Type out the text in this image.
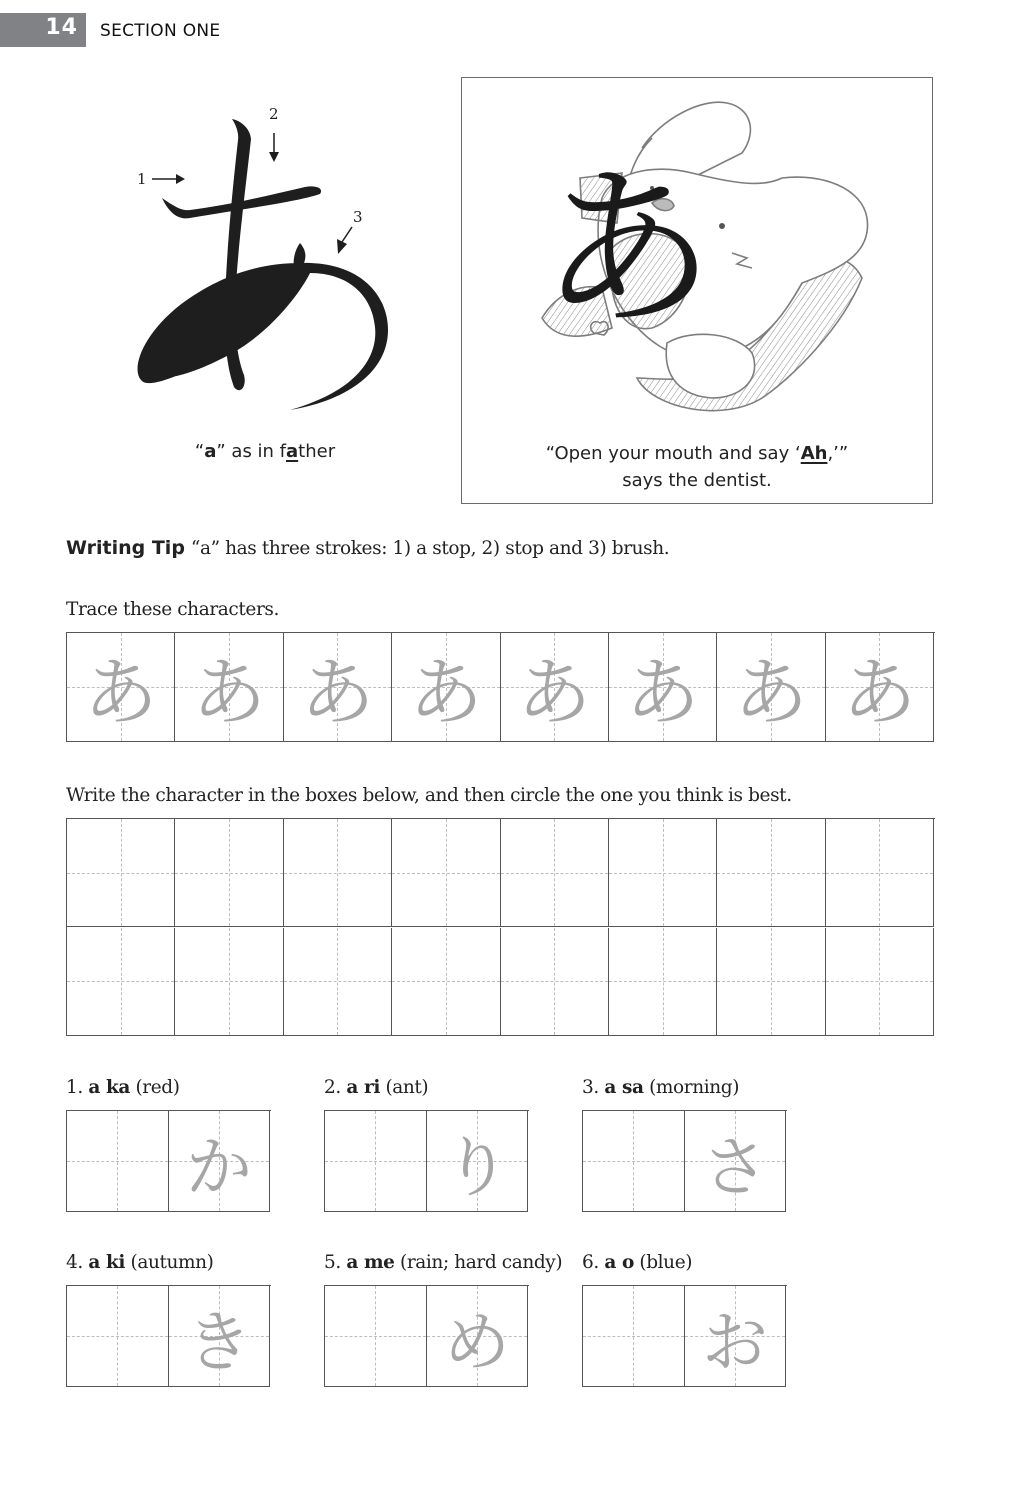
14 SECTION ONE
1
2
3
“a” as in father
あ
“Open your mouth and say ‘Ah,’”
says the dentist.
Writing Tip “a” has three strokes: 1) a stop, 2) stop and 3) brush.
Trace these characters.
あ あ あ あ あ あ あ あ
Write the character in the boxes below, and then circle the one you think is best.
1. a ka (red)
か
2. a ri (ant)
り
3. a sa (morning)
さ
4. a ki (autumn)
き
5. a me (rain; hard candy)
め
6. a o (blue)
お
